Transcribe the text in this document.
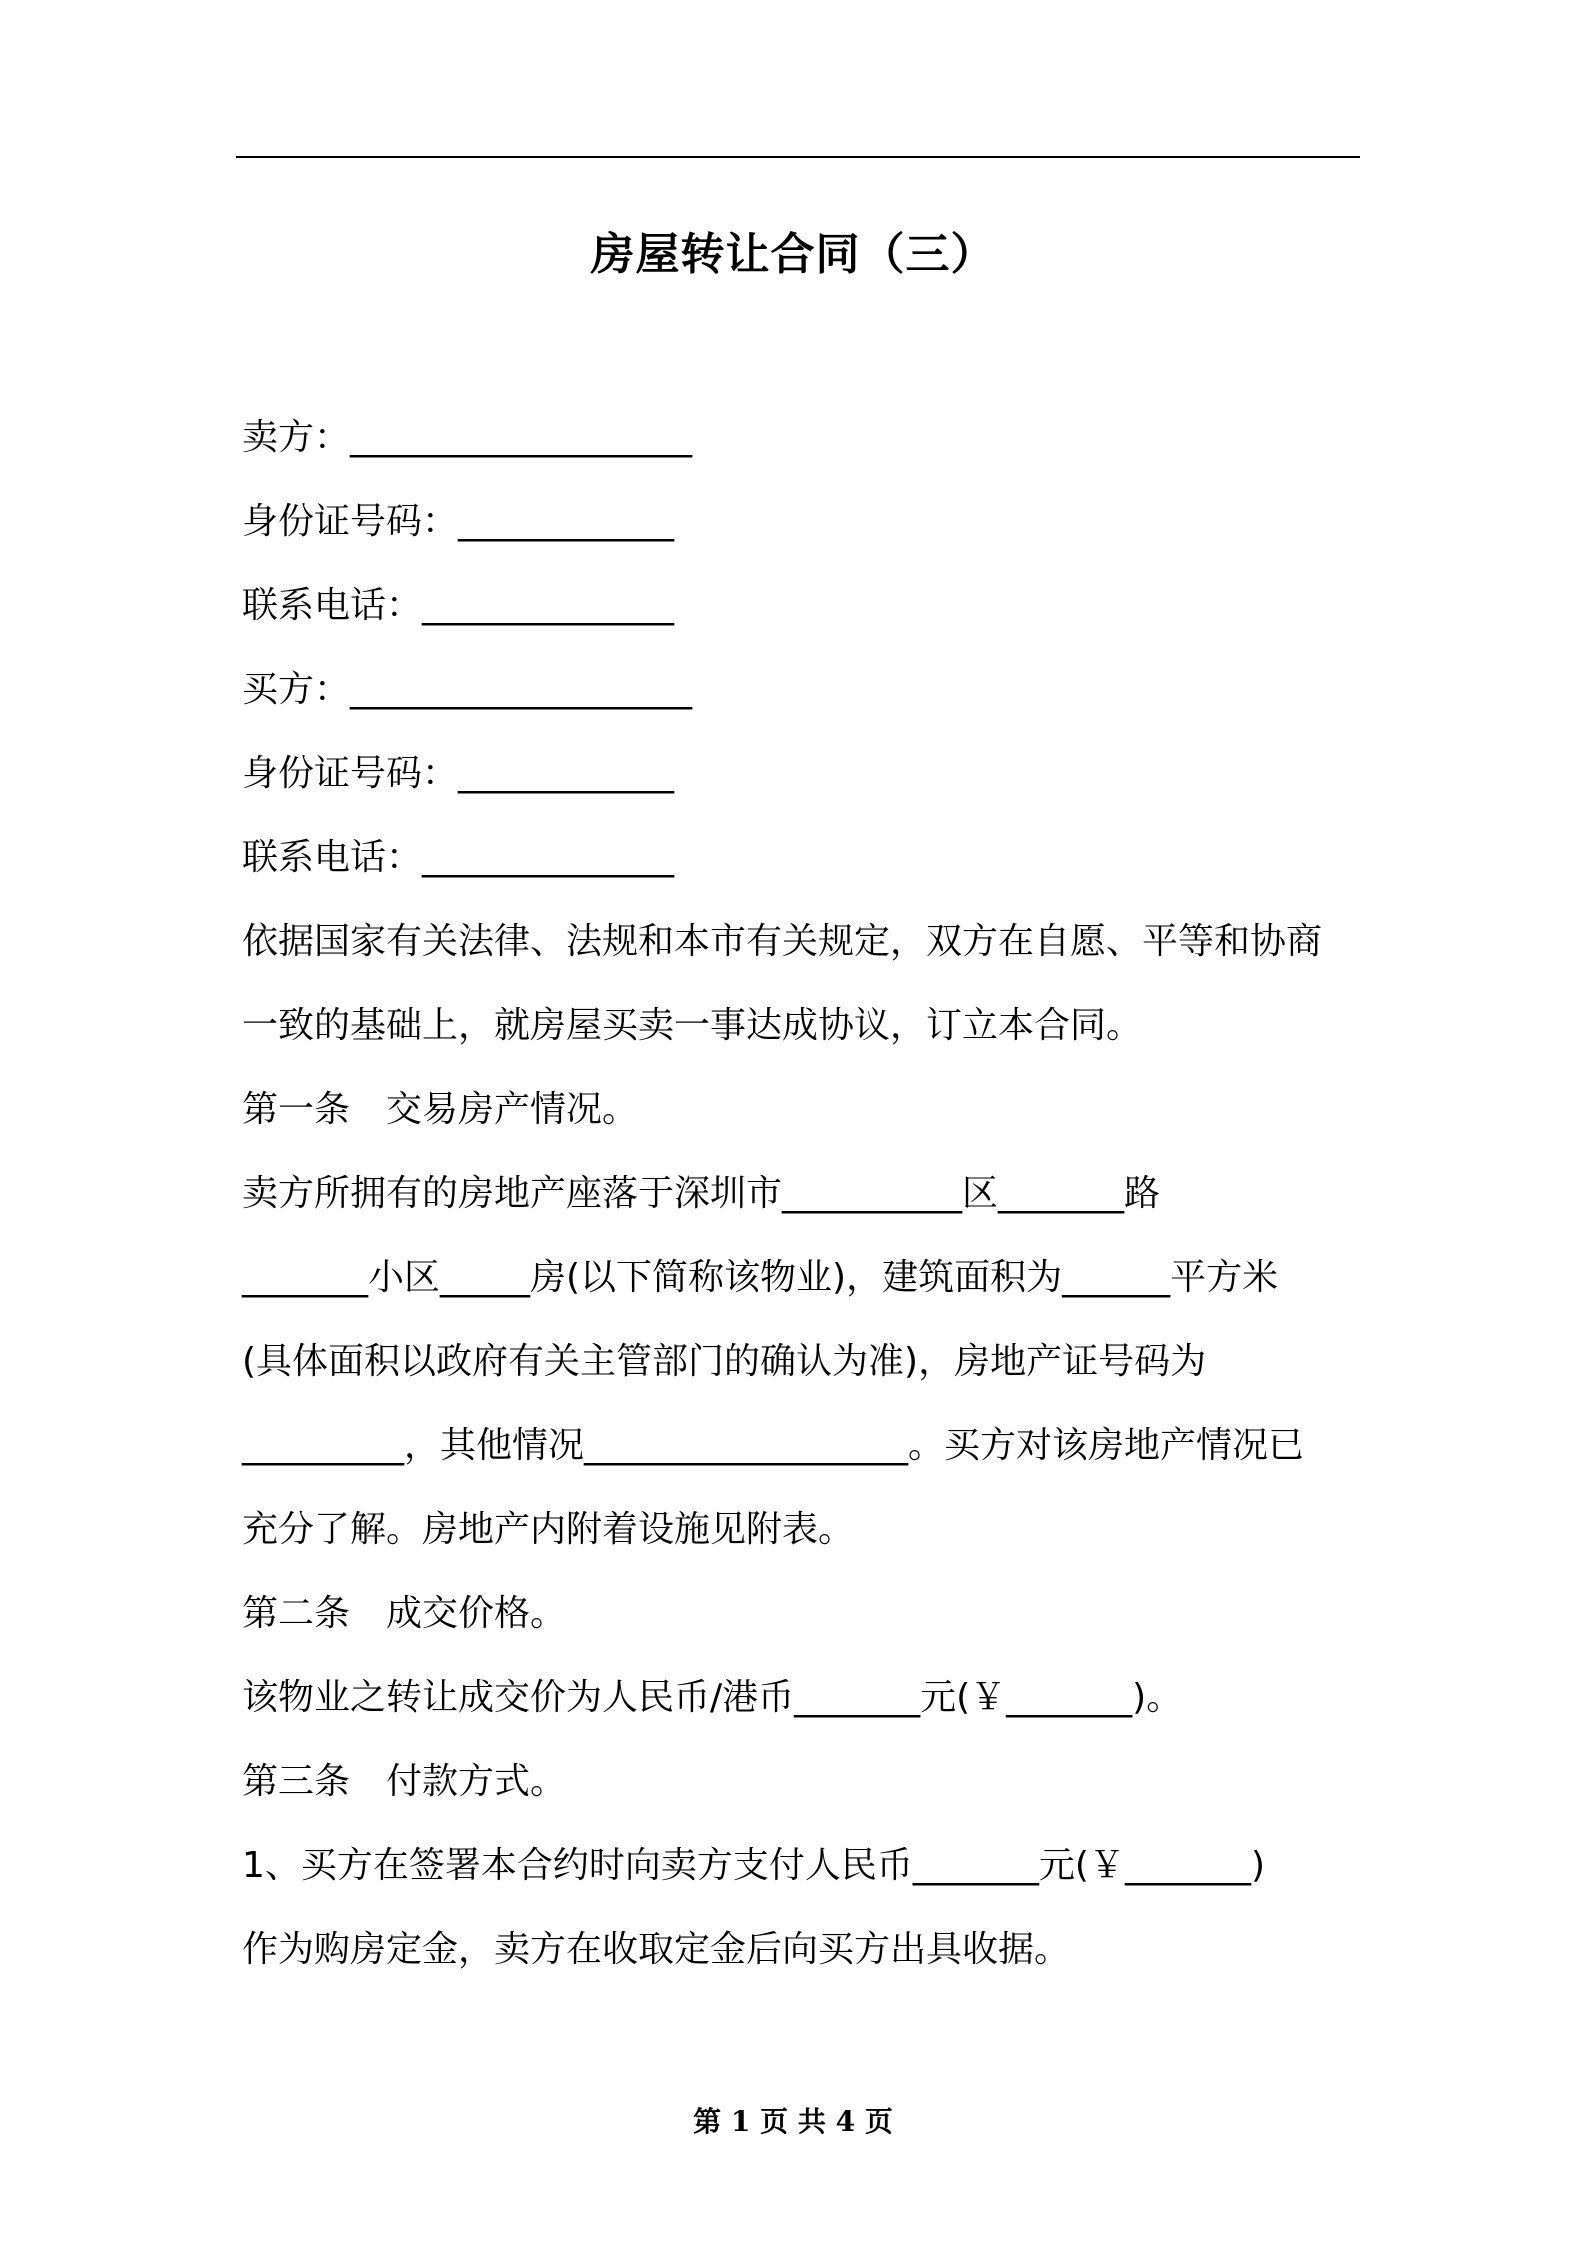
房屋转让合同（三）
卖方：___________________
身份证号码：____________
联系电话：______________
买方：___________________
身份证号码：____________
联系电话：______________
依据国家有关法律、法规和本市有关规定，双方在自愿、平等和协商
一致的基础上，就房屋买卖一事达成协议，订立本合同。
第一条　交易房产情况。
卖方所拥有的房地产座落于深圳市__________区_______路
_______小区_____房(以下简称该物业)，建筑面积为______平方米
(具体面积以政府有关主管部门的确认为准)，房地产证号码为
_________，其他情况__________________。买方对该房地产情况已
充分了解。房地产内附着设施见附表。
第二条　成交价格。
该物业之转让成交价为人民币/港币_______元(￥_______)。
第三条　付款方式。
1、买方在签署本合约时向卖方支付人民币_______元(￥_______)
作为购房定金，卖方在收取定金后向买方出具收据。
第 1 页 共 4 页
